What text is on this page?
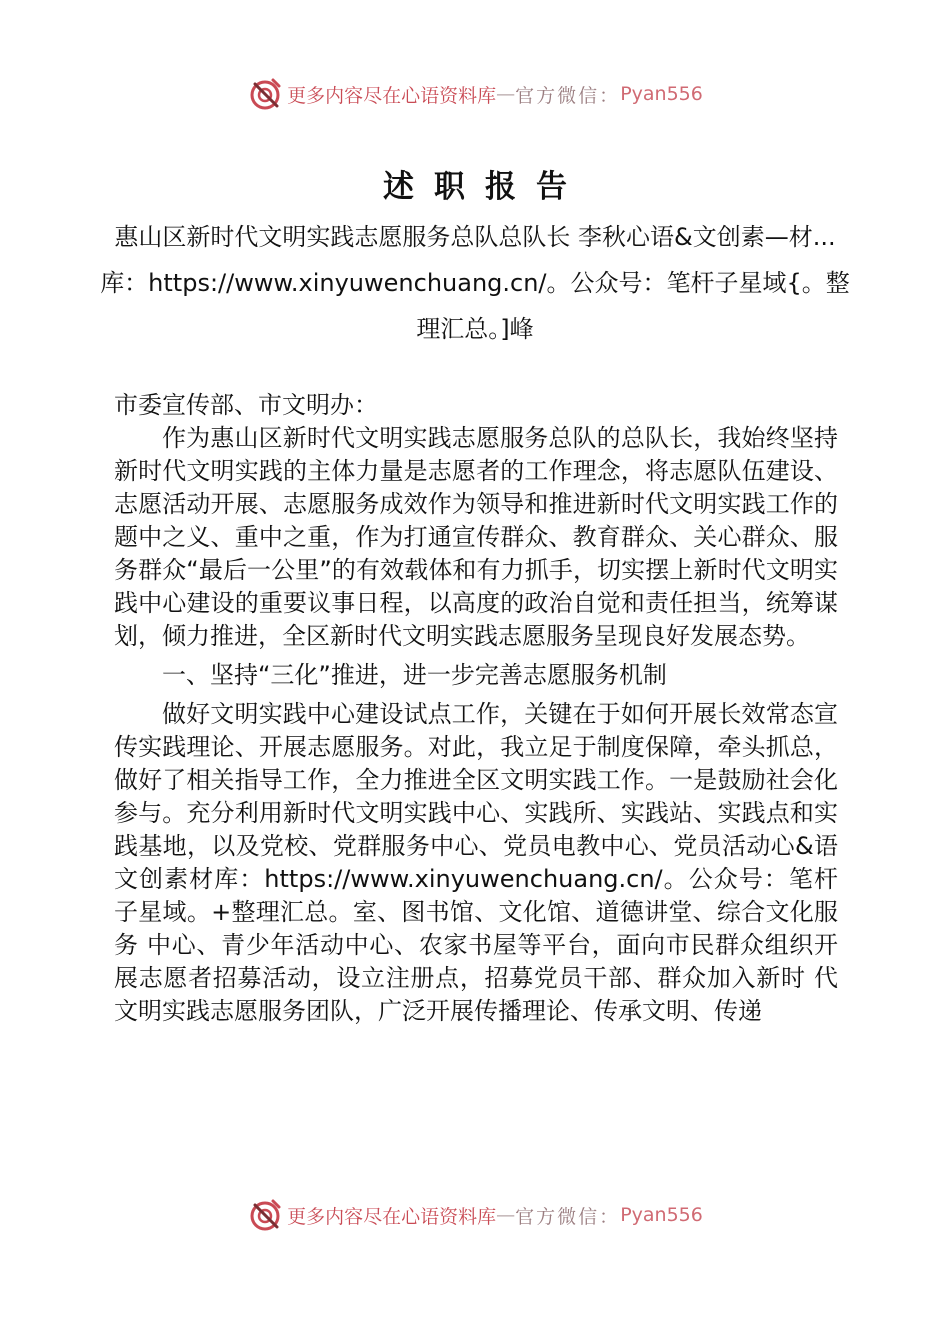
更多内容尽在心语资料库 — 官方微信： Pyan556
述职报告
惠山区新时代文明实践志愿服务总队总队长 李秋心语&文创素—材...库：https://www.xinyuwenchuang.cn/。公众号：笔杆子星域{。整理汇总。]峰

市委宣传部、市文明办：

作为惠山区新时代文明实践志愿服务总队的总队长，我始终坚持新时代文明实践的主体力量是志愿者的工作理念，将志愿队伍建设、志愿活动开展、志愿服务成效作为领导和推进新时代文明实践工作的题中之义、重中之重，作为打通宣传群众、教育群众、关心群众、服务群众“最后一公里”的有效载体和有力抓手，切实摆上新时代文明实践中心建设的重要议事日程，以高度的政治自觉和责任担当，统筹谋划，倾力推进，全区新时代文明实践志愿服务呈现良好发展态势。

一、坚持“三化”推进，进一步完善志愿服务机制

做好文明实践中心建设试点工作，关键在于如何开展长效常态宣传实践理论、开展志愿服务。对此，我立足于制度保障，牵头抓总，做好了相关指导工作，全力推进全区文明实践工作。一是鼓励社会化参与。充分利用新时代文明实践中心、实践所、实践站、实践点和实践基地，以及党校、党群服务中心、党员电教中心、党员活动心&语文创素材库：https://www.xinyuwenchuang.cn/。公众号：笔杆子星域。+整理汇总。室、图书馆、文化馆、道德讲堂、综合文化服务 中心、青少年活动中心、农家书屋等平台，面向市民群众组织开 展志愿者招募活动，设立注册点，招募党员干部、群众加入新时 代文明实践志愿服务团队，广泛开展传播理论、传承文明、传递

更多内容尽在心语资料库 — 官方微信： Pyan556
